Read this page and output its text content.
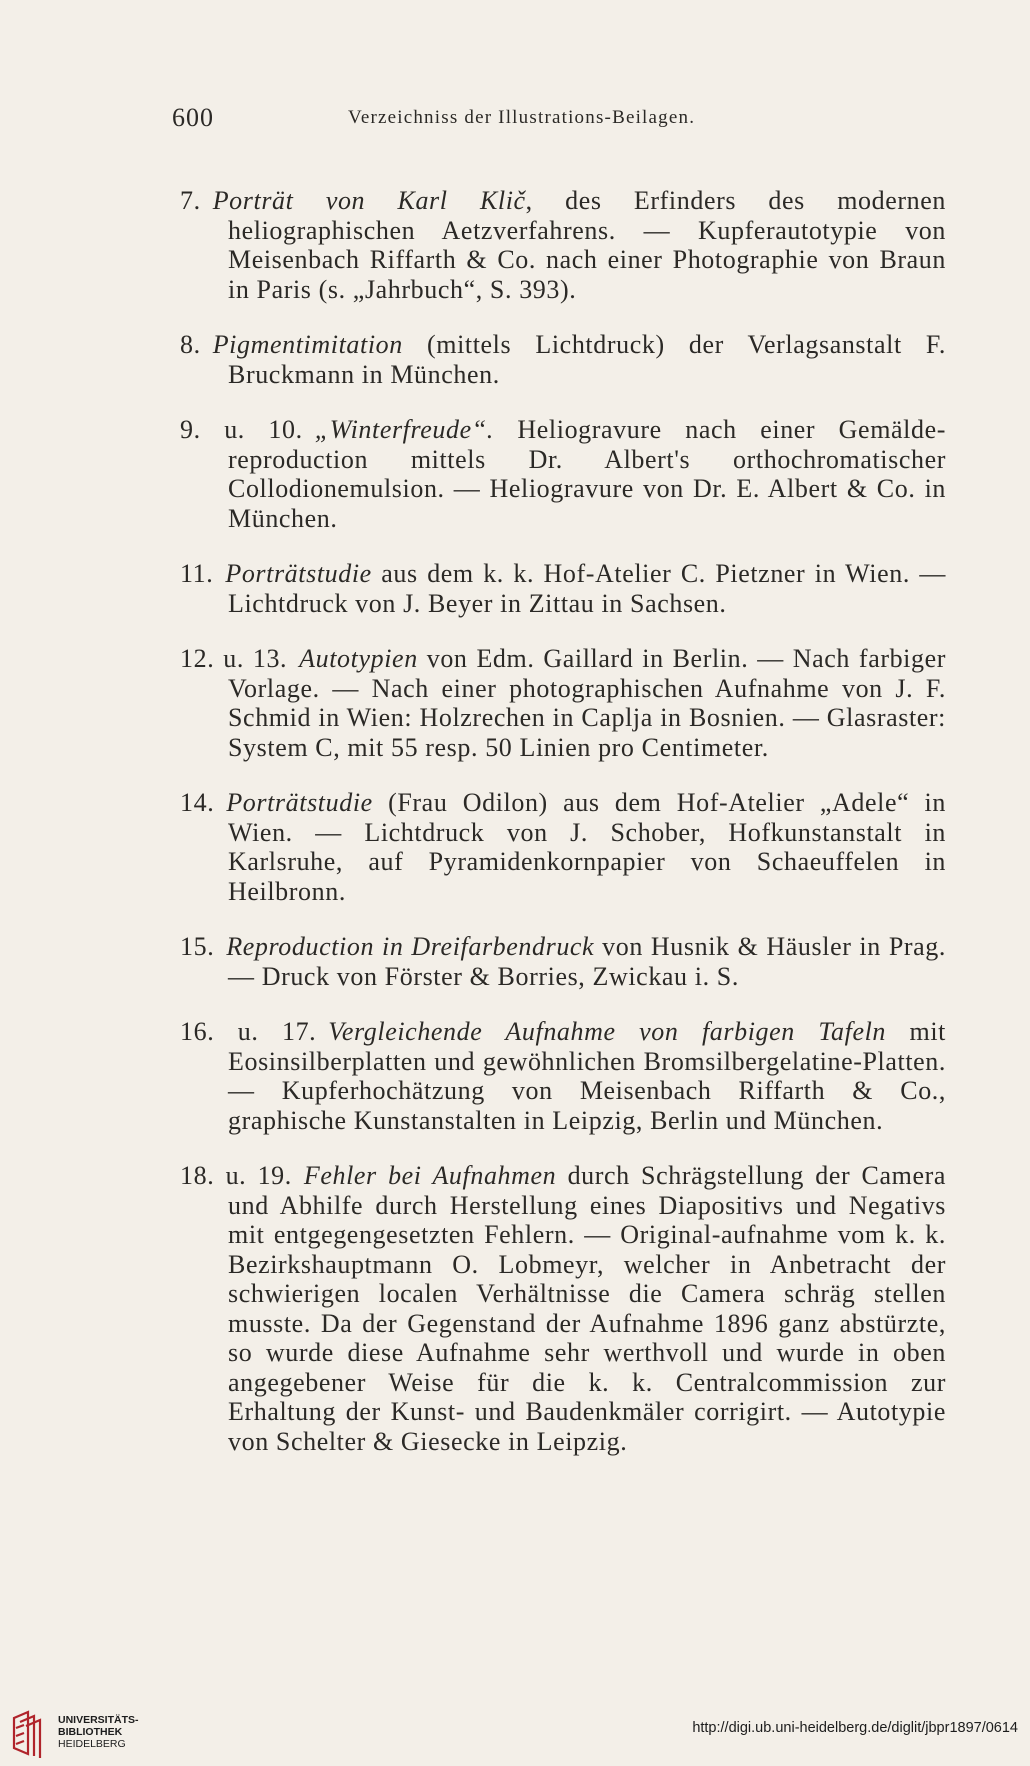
600	Verzeichniss der Illustrations-Beilagen.

7. Porträt von Karl Klič, des Erfinders des modernen heliographischen Aetzverfahrens. — Kupferautotypie von Meisenbach Riffarth & Co. nach einer Photographie von Braun in Paris (s. „Jahrbuch“, S. 393).

8. Pigmentimitation (mittels Lichtdruck) der Verlagsanstalt F. Bruckmann in München.

9. u. 10. „Winterfreude“. Heliogravure nach einer Gemälde-reproduction mittels Dr. Albert's orthochromatischer Collodionemulsion. — Heliogravure von Dr. E. Albert & Co. in München.

11. Porträtstudie aus dem k. k. Hof-Atelier C. Pietzner in Wien. — Lichtdruck von J. Beyer in Zittau in Sachsen.

12. u. 13. Autotypien von Edm. Gaillard in Berlin. — Nach farbiger Vorlage. — Nach einer photographischen Aufnahme von J. F. Schmid in Wien: Holzrechen in Caplja in Bosnien. — Glasraster: System C, mit 55 resp. 50 Linien pro Centimeter.

14. Porträtstudie (Frau Odilon) aus dem Hof-Atelier „Adele“ in Wien. — Lichtdruck von J. Schober, Hofkunstanstalt in Karlsruhe, auf Pyramidenkornpapier von Schaeuffelen in Heilbronn.

15. Reproduction in Dreifarbendruck von Husnik & Häusler in Prag. — Druck von Förster & Borries, Zwickau i. S.

16. u. 17. Vergleichende Aufnahme von farbigen Tafeln mit Eosinsilberplatten und gewöhnlichen Bromsilbergelatine-Platten. — Kupferhochätzung von Meisenbach Riffarth & Co., graphische Kunstanstalten in Leipzig, Berlin und München.

18. u. 19. Fehler bei Aufnahmen durch Schrägstellung der Camera und Abhilfe durch Herstellung eines Diapositivs und Negativs mit entgegengesetzten Fehlern. — Original-aufnahme vom k. k. Bezirkshauptmann O. Lobmeyr, welcher in Anbetracht der schwierigen localen Verhältnisse die Camera schräg stellen musste. Da der Gegenstand der Aufnahme 1896 ganz abstürzte, so wurde diese Aufnahme sehr werthvoll und wurde in oben angegebener Weise für die k. k. Centralcommission zur Erhaltung der Kunst- und Baudenkmäler corrigirt. — Autotypie von Schelter & Giesecke in Leipzig.

UNIVERSITÄTS-
BIBLIOTHEK
HEIDELBERG
http://digi.ub.uni-heidelberg.de/diglit/jbpr1897/0614
